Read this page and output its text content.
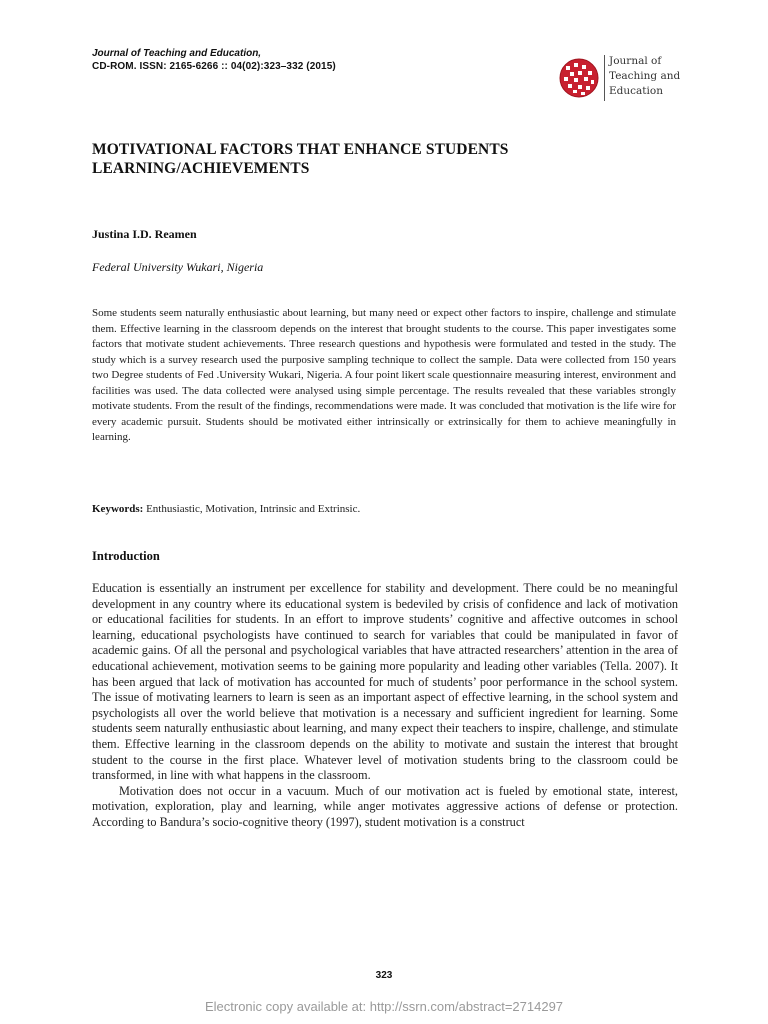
Journal of Teaching and Education,
CD-ROM. ISSN: 2165-6266 :: 04(02):323–332 (2015)	Journal of
Teaching and
Education
MOTIVATIONAL FACTORS THAT ENHANCE STUDENTS
LEARNING/ACHIEVEMENTS
Justina I.D. Reamen
Federal University Wukari, Nigeria
Some students seem naturally enthusiastic about learning, but many need or expect other factors to inspire, challenge and stimulate them. Effective learning in the classroom depends on the interest that brought students to the course. This paper investigates some factors that motivate student achievements. Three research questions and hypothesis were formulated and tested in the study. The study which is a survey research used the purposive sampling technique to collect the sample. Data were collected from 150 years two Degree students of Fed .University Wukari, Nigeria. A four point likert scale questionnaire measuring interest, environment and facilities was used. The data collected were analysed using simple percentage. The results revealed that these variables strongly motivate students. From the result of the findings, recommendations were made. It was concluded that motivation is the life wire for every academic pursuit. Students should be motivated either intrinsically or extrinsically for them to achieve meaningfully in learning.
Keywords: Enthusiastic, Motivation, Intrinsic and Extrinsic.
Introduction

Education is essentially an instrument per excellence for stability and development. There could be no meaningful development in any country where its educational system is bedeviled by crisis of confidence and lack of motivation or educational facilities for students. In an effort to improve students’ cognitive and affective outcomes in school learning, educational psychologists have continued to search for variables that could be manipulated in favor of academic gains. Of all the personal and psychological variables that have attracted researchers’ attention in the area of educational achievement, motivation seems to be gaining more popularity and leading other variables (Tella. 2007). It has been argued that lack of motivation has accounted for much of students’ poor performance in the school system. The issue of motivating learners to learn is seen as an important aspect of effective learning, in the school system and psychologists all over the world believe that motivation is a necessary and sufficient ingredient for learning. Some students seem naturally enthusiastic about learning, and many expect their teachers to inspire, challenge, and stimulate them. Effective learning in the classroom depends on the ability to motivate and sustain the interest that brought student to the course in the first place. Whatever level of motivation students bring to the classroom could be transformed, in line with what happens in the classroom.

Motivation does not occur in a vacuum. Much of our motivation act is fueled by emotional state, interest, motivation, exploration, play and learning, while anger motivates aggressive actions of defense or protection. According to Bandura’s socio-cognitive theory (1997), student motivation is a construct

323
Electronic copy available at: http://ssrn.com/abstract=2714297
